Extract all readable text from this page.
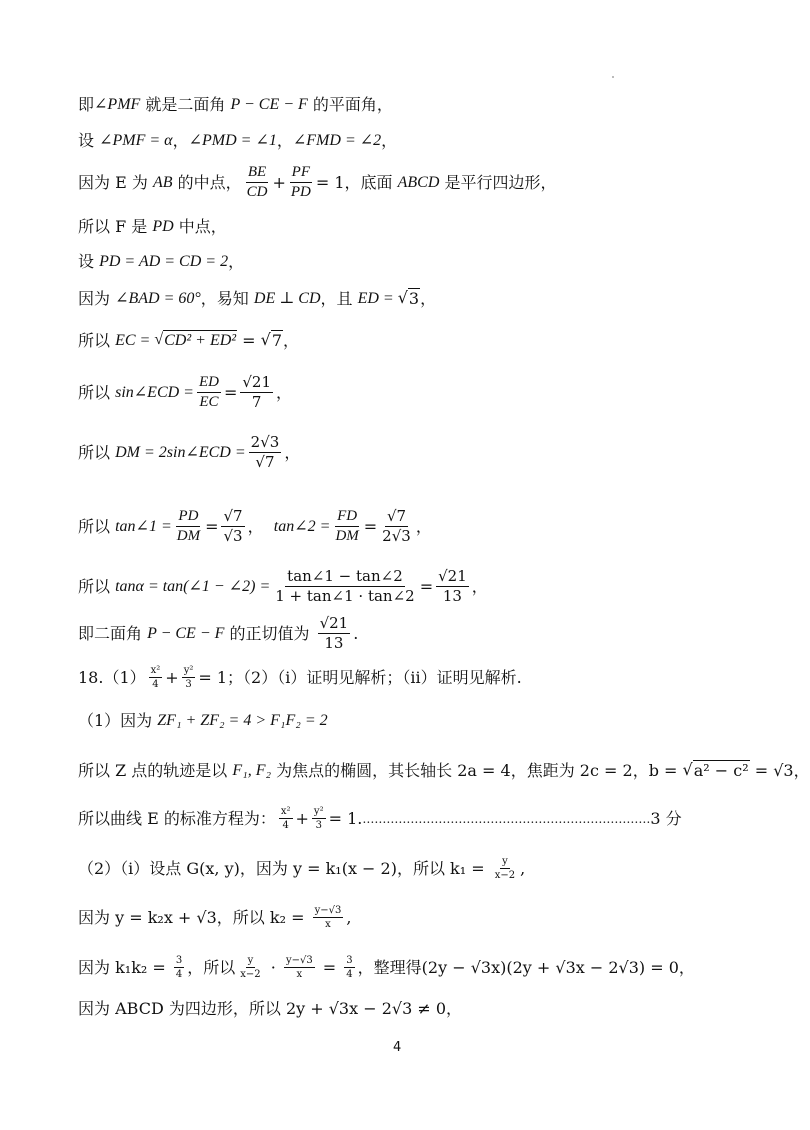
即 ∠PMF 就是二面角 P − CE − F 的平面角，
设 ∠PMF = α ， ∠PMD = ∠1 ， ∠FMD = ∠2 ，
因为 E 为 AB 的中点， $\frac{BE}{CD} + \frac{PF}{PD} = 1$ ，底面 ABCD 是平行四边形，
所以 F 是 PD 中点，
设 PD = AD = CD = 2 ，
因为 ∠BAD = 60° ，易知 DE ⊥ CD ，且 ED = √ 3 ，
所以 EC = √ CD² + ED² = √ 7 ，
所以 sin∠ECD = $\frac{ED}{EC} = \frac{√21}{7}$ ，
所以 DM = 2sin∠ECD = $\frac{2√3}{√7}$ ，
所以 tan∠1 = $\frac{PD}{DM} = \frac{√7}{√3}$ ， tan∠2 = $\frac{FD}{DM} = \frac{√7}{2√3}$ ，
所以 tanα = tan(∠1 − ∠2) = $\frac{\tan\angle 1 - \tan\angle 2}{1 + \tan\angle 1 \cdot \tan\angle 2} = \frac{√21}{13}$ ，
即二面角 P − CE − F 的正切值为 $\frac{√21}{13}$ .
$18.(1) \frac{\text{x²}}{4} + \frac{\text{y²}}{3} = 1$；（2）（i）证明见解析；（ii）证明见解析.
（1）因为 ZF₁ + ZF₂ = 4 > F₁F₂ = 2
所以 Z 点的轨迹是以 F₁, F₂ 为焦点的椭圆，其长轴长 2a = 4，焦距为 2c = 2，b = √ a² − c² = √3，
所以曲线 E 的标准方程为： $\frac{\text{x²}}{4} + \frac{\text{y²}}{3} = 1$. ……………………………………………………………… 3 分
（2）（i）设点 G(x, y)，因为 y = k₁(x − 2)，所以 $k_1 = \frac{y}{x-2}$ ,
因为 y = k₂x + √3，所以 $k_2 = \frac{y-√3}{x}$ ,
因为 $k_1k_2 = \frac{3}{4}$ ，所以 $\frac{y}{x-2} \cdot \frac{y-√3}{x} = \frac{3}{4}$ ，整理得(2y − √3x)(2y + √3x − 2√3) = 0，
因为 ABCD 为四边形，所以 2y + √3x − 2√3 ≠ 0，
4
